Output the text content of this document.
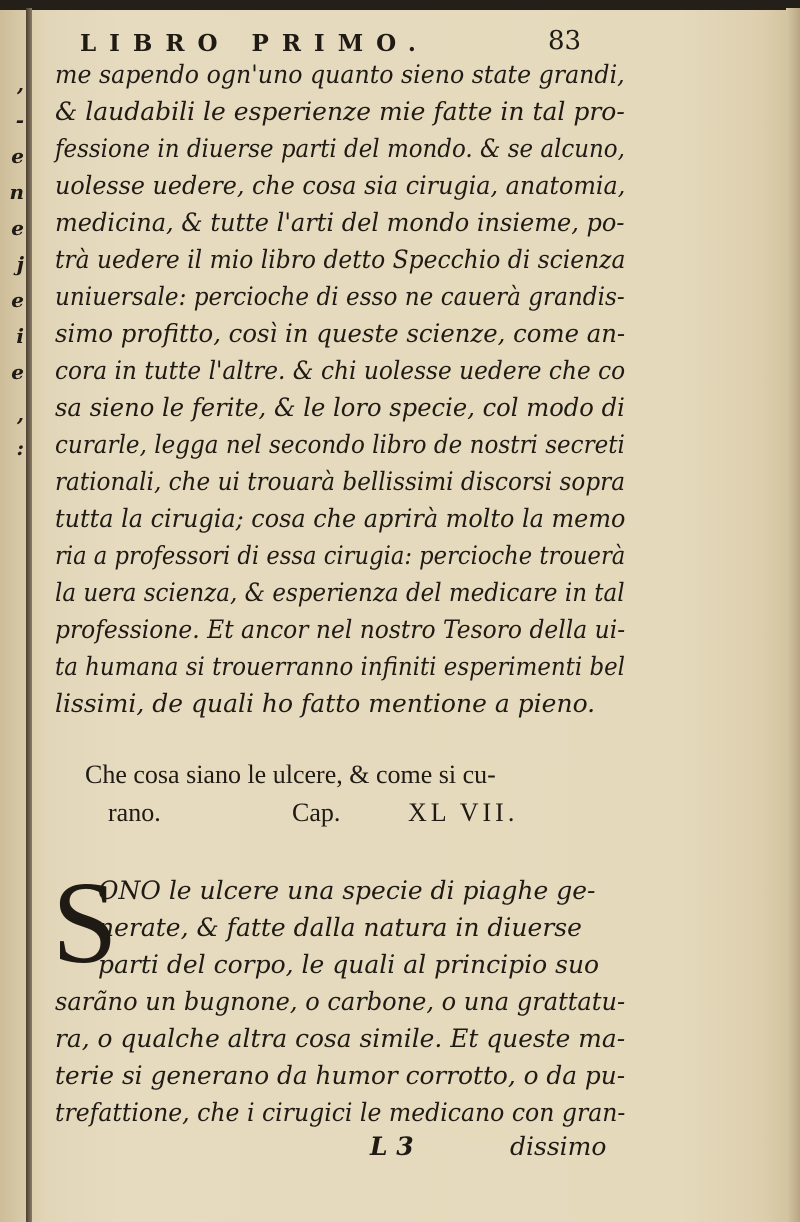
,
-
e
n
e
j
e
i
e
,
:
LIBRO PRIMO.	83
me sapendo ogn'uno quanto sieno state grandi,
& laudabili le esperienze mie fatte in tal pro-
fessione in diuerse parti del mondo. & se alcuno,
uolesse uedere, che cosa sia cirugia, anatomia,
medicina, & tutte l'arti del mondo insieme, po-
trà uedere il mio libro detto Specchio di scienza
uniuersale: percioche di esso ne cauerà grandis-
simo profitto, così in queste scienze, come an-
cora in tutte l'altre. & chi uolesse uedere che co
sa sieno le ferite, & le loro specie, col modo di
curarle, legga nel secondo libro de nostri secreti
rationali, che ui trouarà bellissimi discorsi sopra
tutta la cirugia; cosa che aprirà molto la memo
ria a professori di essa cirugia: percioche trouerà
la uera scienza, & esperienza del medicare in tal
professione. Et ancor nel nostro Tesoro della ui-
ta humana si trouerranno infiniti esperimenti bel
lissimi, de quali ho fatto mentione a pieno.
Che cosa siano le ulcere, & come si cu-
rano.	Cap.	XL VII.
S
ONO le ulcere una specie di piaghe ge-
nerate, & fatte dalla natura in diuerse
parti del corpo, le quali al principio suo
sarãno un bugnone, o carbone, o una grattatu-
ra, o qualche altra cosa simile. Et queste ma-
terie si generano da humor corrotto, o da pu-
trefattione, che i cirugici le medicano con gran-
L 3	dissimo
